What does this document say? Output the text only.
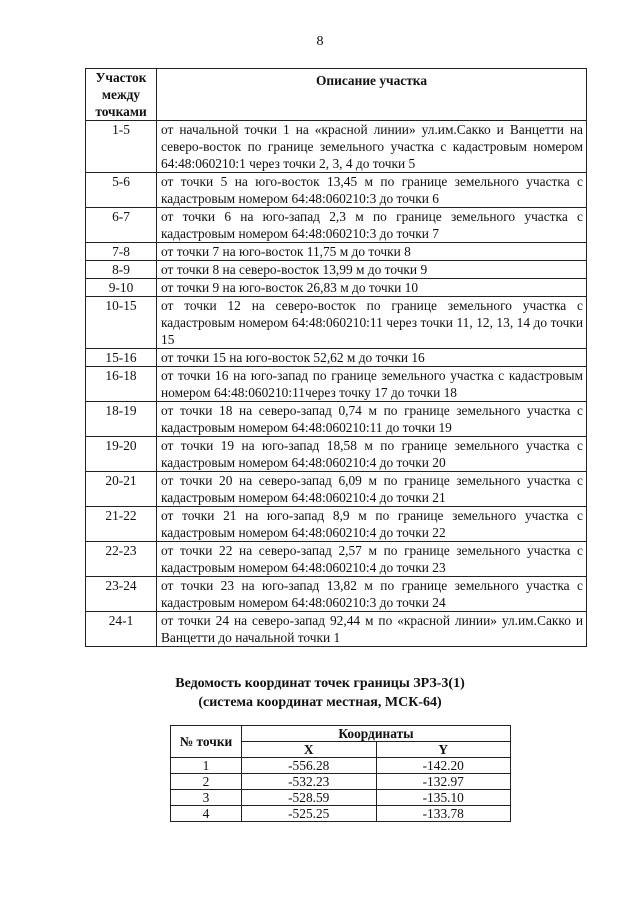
8
Участок между точками	Описание участка
1-5	от начальной точки 1 на «красной линии» ул.им.Сакко и Ванцетти на северо-восток по границе земельного участка с кадастровым номером 64:48:060210:1 через точки 2, 3, 4 до точки 5
5-6	от точки 5 на юго-восток 13,45 м по границе земельного участка с кадастровым номером 64:48:060210:3 до точки 6
6-7	от точки 6 на юго-запад 2,3 м по границе земельного участка с кадастровым номером 64:48:060210:3 до точки 7
7-8	от точки 7 на юго-восток 11,75 м до точки 8
8-9	от точки 8 на северо-восток 13,99 м до точки 9
9-10	от точки 9 на юго-восток 26,83 м до точки 10
10-15	от точки 12 на северо-восток по границе земельного участка с кадастровым номером 64:48:060210:11 через точки 11, 12, 13, 14 до точки 15
15-16	от точки 15 на юго-восток 52,62 м до точки 16
16-18	от точки 16 на юго-запад по границе земельного участка с кадастровым номером 64:48:060210:11через точку 17 до точки 18
18-19	от точки 18 на северо-запад 0,74 м по границе земельного участка с кадастровым номером 64:48:060210:11 до точки 19
19-20	от точки 19 на юго-запад 18,58 м по границе земельного участка с кадастровым номером 64:48:060210:4 до точки 20
20-21	от точки 20 на северо-запад 6,09 м по границе земельного участка с кадастровым номером 64:48:060210:4 до точки 21
21-22	от точки 21 на юго-запад 8,9 м по границе земельного участка с кадастровым номером 64:48:060210:4 до точки 22
22-23	от точки 22 на северо-запад 2,57 м по границе земельного участка с кадастровым номером 64:48:060210:4 до точки 23
23-24	от точки 23 на юго-запад 13,82 м по границе земельного участка с кадастровым номером 64:48:060210:3 до точки 24
24-1	от точки 24 на северо-запад 92,44 м по «красной линии» ул.им.Сакко и Ванцетти до начальной точки 1
Ведомость координат точек границы ЗРЗ-3(1)
(система координат местная, МСК-64)
№ точки	Координаты	
	X	Y
1	-556.28	-142.20
2	-532.23	-132.97
3	-528.59	-135.10
4	-525.25	-133.78
